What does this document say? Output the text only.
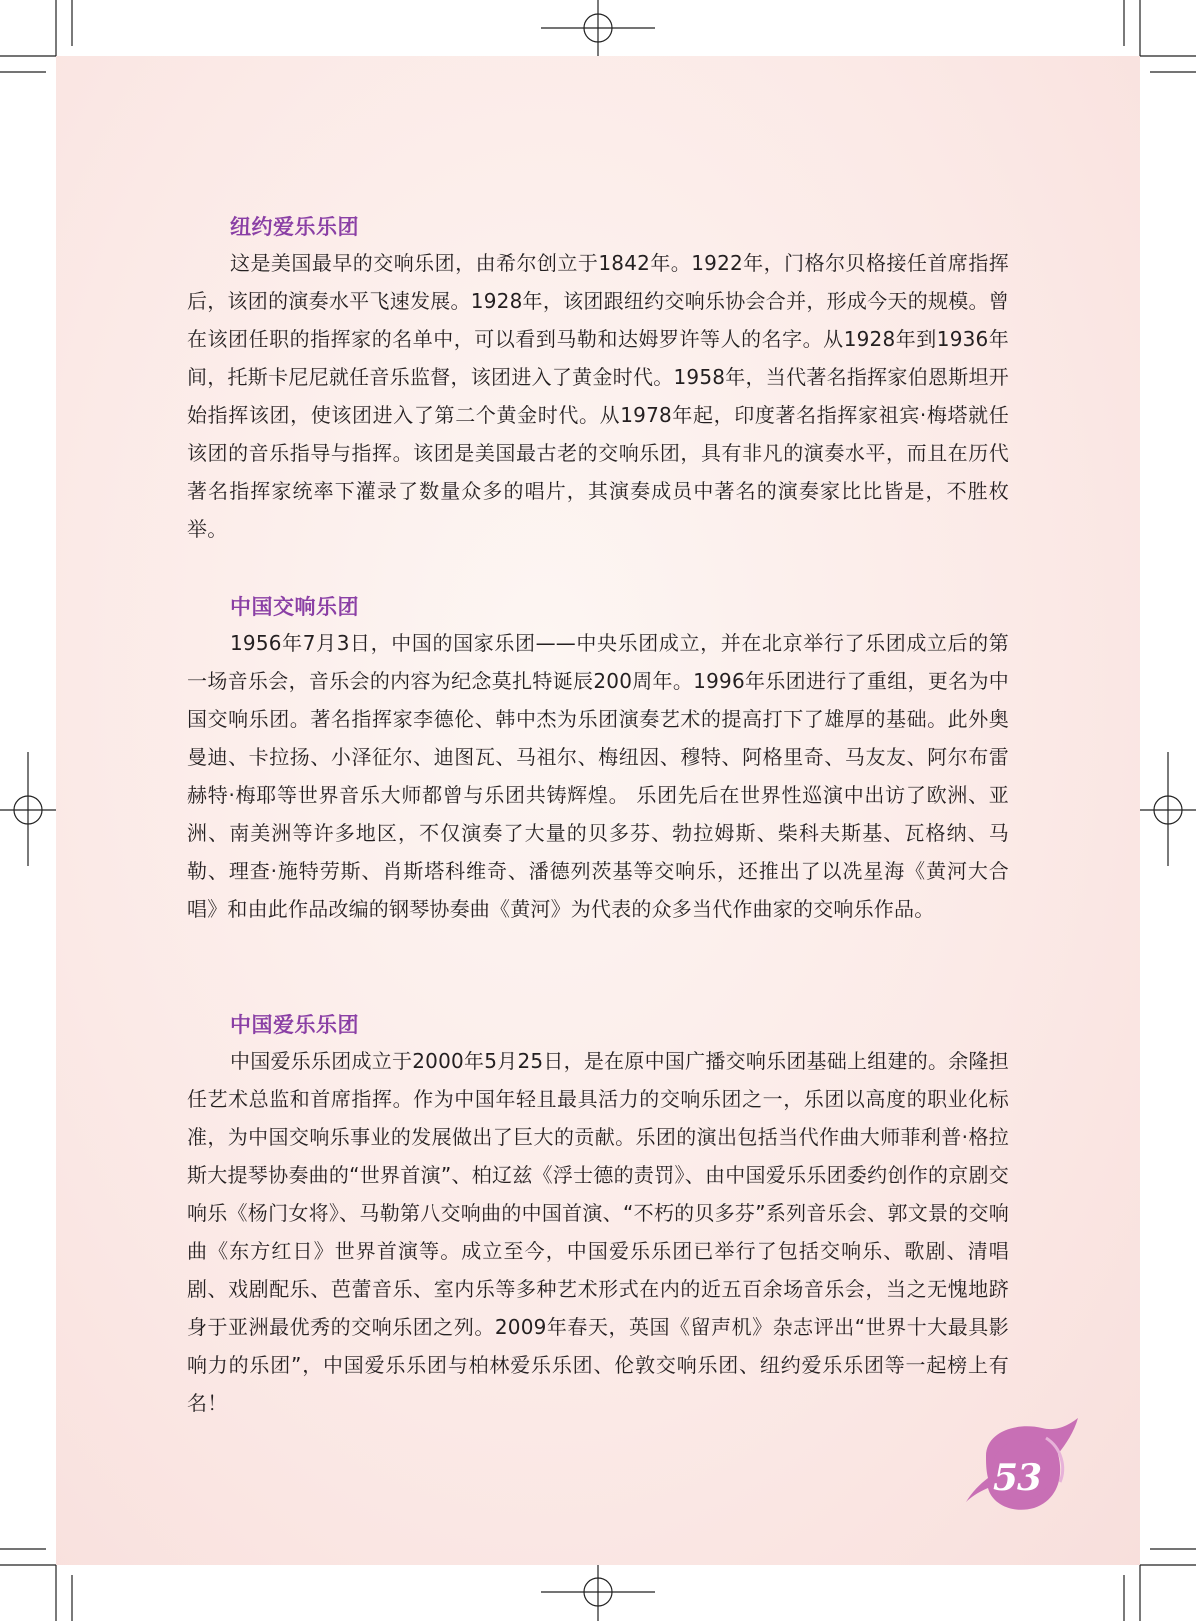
纽约爱乐乐团

这是美国最早的交响乐团，由希尔创立于1842年。1922年，门格尔贝格接任首席指挥后，该团的演奏水平飞速发展。1928年，该团跟纽约交响乐协会合并，形成今天的规模。曾在该团任职的指挥家的名单中，可以看到马勒和达姆罗许等人的名字。从1928年到1936年间，托斯卡尼尼就任音乐监督，该团进入了黄金时代。1958年，当代著名指挥家伯恩斯坦开始指挥该团，使该团进入了第二个黄金时代。从1978年起，印度著名指挥家祖宾·梅塔就任该团的音乐指导与指挥。该团是美国最古老的交响乐团，具有非凡的演奏水平，而且在历代著名指挥家统率下灌录了数量众多的唱片，其演奏成员中著名的演奏家比比皆是，不胜枚举。

中国交响乐团

1956年7月3日，中国的国家乐团——中央乐团成立，并在北京举行了乐团成立后的第一场音乐会，音乐会的内容为纪念莫扎特诞辰200周年。1996年乐团进行了重组，更名为中国交响乐团。著名指挥家李德伦、韩中杰为乐团演奏艺术的提高打下了雄厚的基础。此外奥曼迪、卡拉扬、小泽征尔、迪图瓦、马祖尔、梅纽因、穆特、阿格里奇、马友友、阿尔布雷赫特·梅耶等世界音乐大师都曾与乐团共铸辉煌。 乐团先后在世界性巡演中出访了欧洲、亚洲、南美洲等许多地区，不仅演奏了大量的贝多芬、勃拉姆斯、柴科夫斯基、瓦格纳、马勒、理查·施特劳斯、肖斯塔科维奇、潘德列茨基等交响乐，还推出了以冼星海《黄河大合唱》和由此作品改编的钢琴协奏曲《黄河》为代表的众多当代作曲家的交响乐作品。

中国爱乐乐团

中国爱乐乐团成立于2000年5月25日，是在原中国广播交响乐团基础上组建的。余隆担任艺术总监和首席指挥。作为中国年轻且最具活力的交响乐团之一，乐团以高度的职业化标准，为中国交响乐事业的发展做出了巨大的贡献。乐团的演出包括当代作曲大师菲利普·格拉斯大提琴协奏曲的“世界首演”、柏辽兹《浮士德的责罚》、由中国爱乐乐团委约创作的京剧交响乐《杨门女将》、马勒第八交响曲的中国首演、“不朽的贝多芬”系列音乐会、郭文景的交响曲《东方红日》世界首演等。成立至今，中国爱乐乐团已举行了包括交响乐、歌剧、清唱剧、戏剧配乐、芭蕾音乐、室内乐等多种艺术形式在内的近五百余场音乐会，当之无愧地跻身于亚洲最优秀的交响乐团之列。2009年春天，英国《留声机》杂志评出“世界十大最具影响力的乐团”，中国爱乐乐团与柏林爱乐乐团、伦敦交响乐团、纽约爱乐乐团等一起榜上有名！

53
